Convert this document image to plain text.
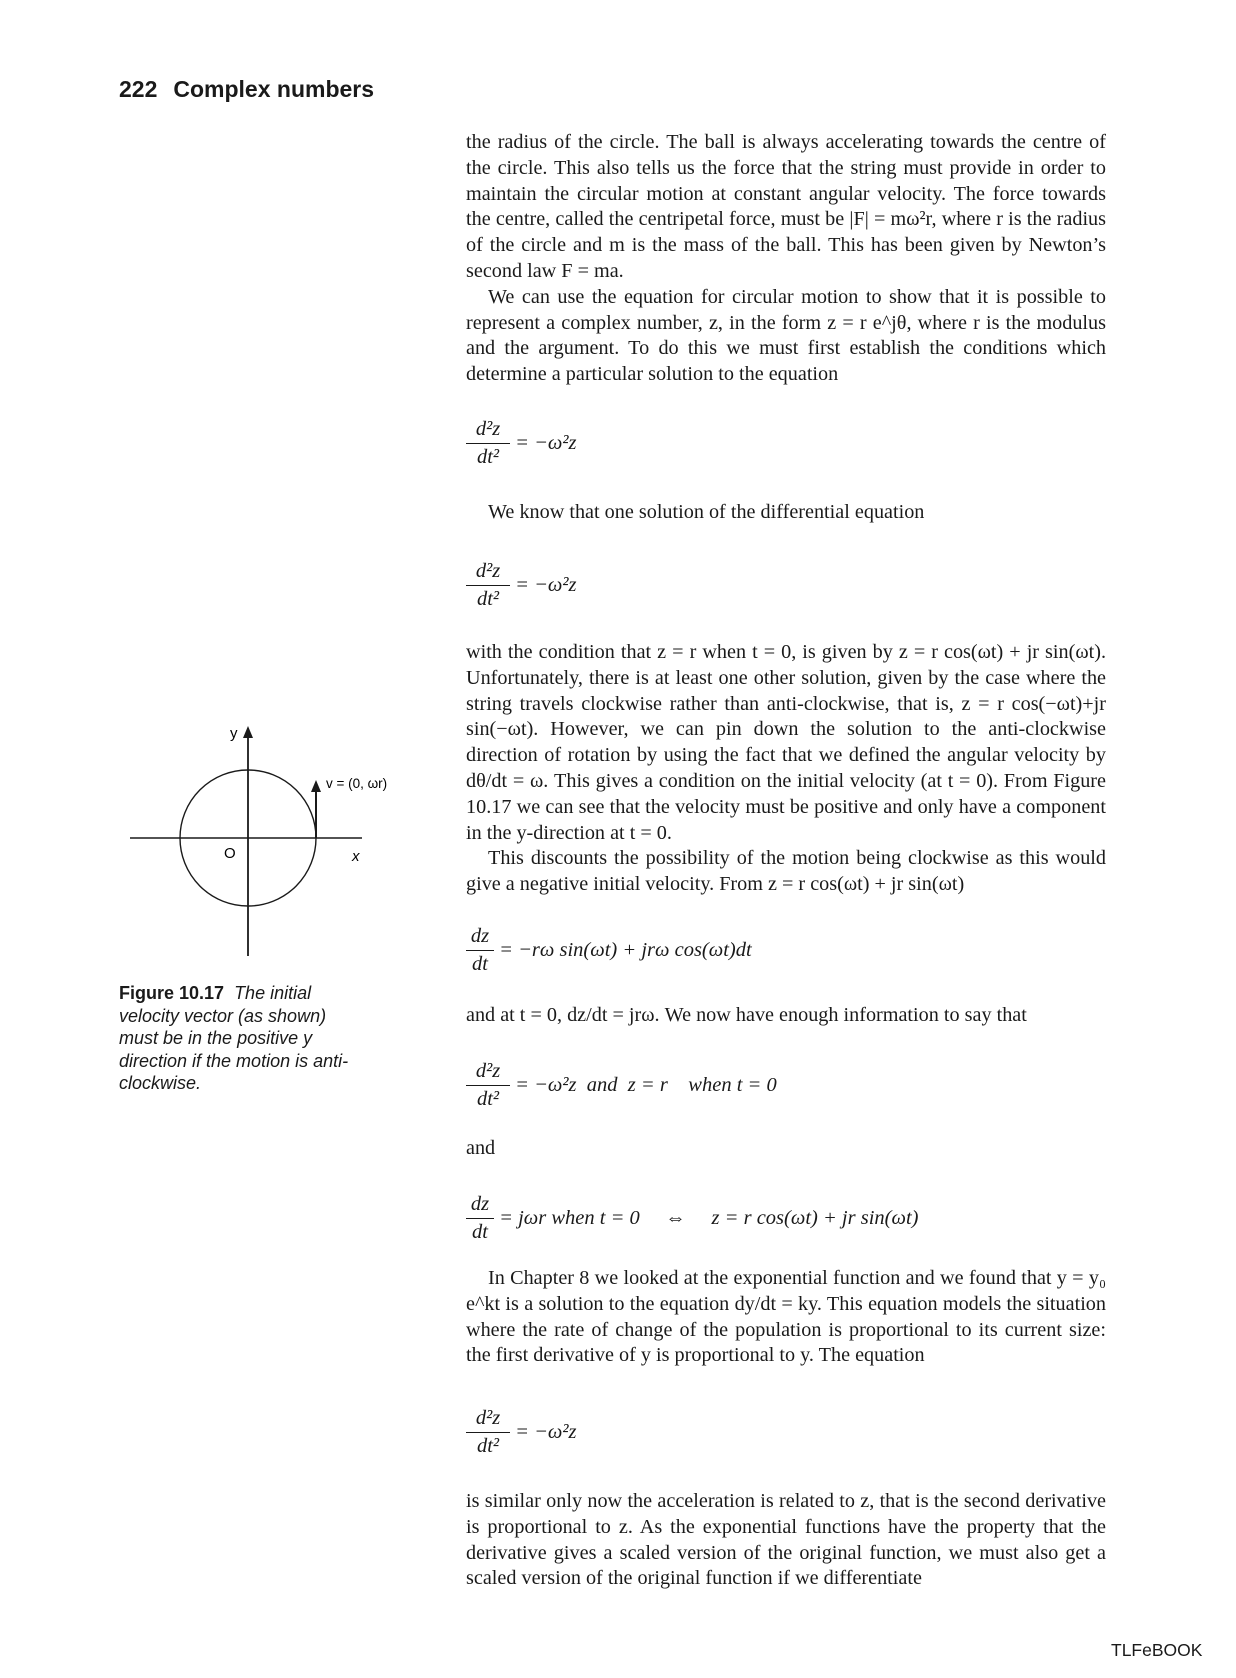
222 Complex numbers

the radius of the circle. The ball is always accelerating towards the centre of the circle. This also tells us the force that the string must provide in order to maintain the circular motion at constant angular velocity. The force towards the centre, called the centripetal force, must be |F| = mω²r, where r is the radius of the circle and m is the mass of the ball. This has been given by Newton’s second law F = ma.

We can use the equation for circular motion to show that it is possible to represent a complex number, z, in the form z = r e^jθ, where r is the modulus and the argument. To do this we must first establish the conditions which determine a particular solution to the equation

$\frac{\text{d²z}}{\text{dt²}} = -\omega^2z$

We know that one solution of the differential equation

$\frac{\text{d²z}}{\text{dt²}} = -\omega^2z$

with the condition that z = r when t = 0, is given by z = r cos(ωt) + jr sin(ωt). Unfortunately, there is at least one other solution, given by the case where the string travels clockwise rather than anti-clockwise, that is, z = r cos(−ωt)+jr sin(−ωt). However, we can pin down the solution to the anti-clockwise direction of rotation by using the fact that we defined the angular velocity by dθ/dt = ω. This gives a condition on the initial velocity (at t = 0). From Figure 10.17 we can see that the velocity must be positive and only have a component in the y-direction at t = 0.

This discounts the possibility of the motion being clockwise as this would give a negative initial velocity. From z = r cos(ωt) + jr sin(ωt)

$\frac{dz}{dt} = -r\omega$ sin(ωt) + jrω cos(ωt)dt

and at t = 0, dz/dt = jrω. We now have enough information to say that

$\frac{\text{d²z}}{\text{dt²}} = -\omega^2z$  and  z = r    when t = 0

and

$\frac{dz}{dt} = j\omega r$ when t = 0     ⇔     z = r cos(ωt) + jr sin(ωt)

In Chapter 8 we looked at the exponential function and we found that y = y₀ e^kt is a solution to the equation dy/dt = ky. This equation models the situation where the rate of change of the population is proportional to its current size: the first derivative of y is proportional to y. The equation

$\frac{\text{d²z}}{\text{dt²}} = -\omega^2z$

is similar only now the acceleration is related to z, that is the second derivative is proportional to z. As the exponential functions have the property that the derivative gives a scaled version of the original function, we must also get a scaled version of the original function if we differentiate

y
O	x
v = (0, ωr)
Figure 10.17 The initial velocity vector (as shown) must be in the positive y direction if the motion is anti-clockwise.
TLFeBOOK
